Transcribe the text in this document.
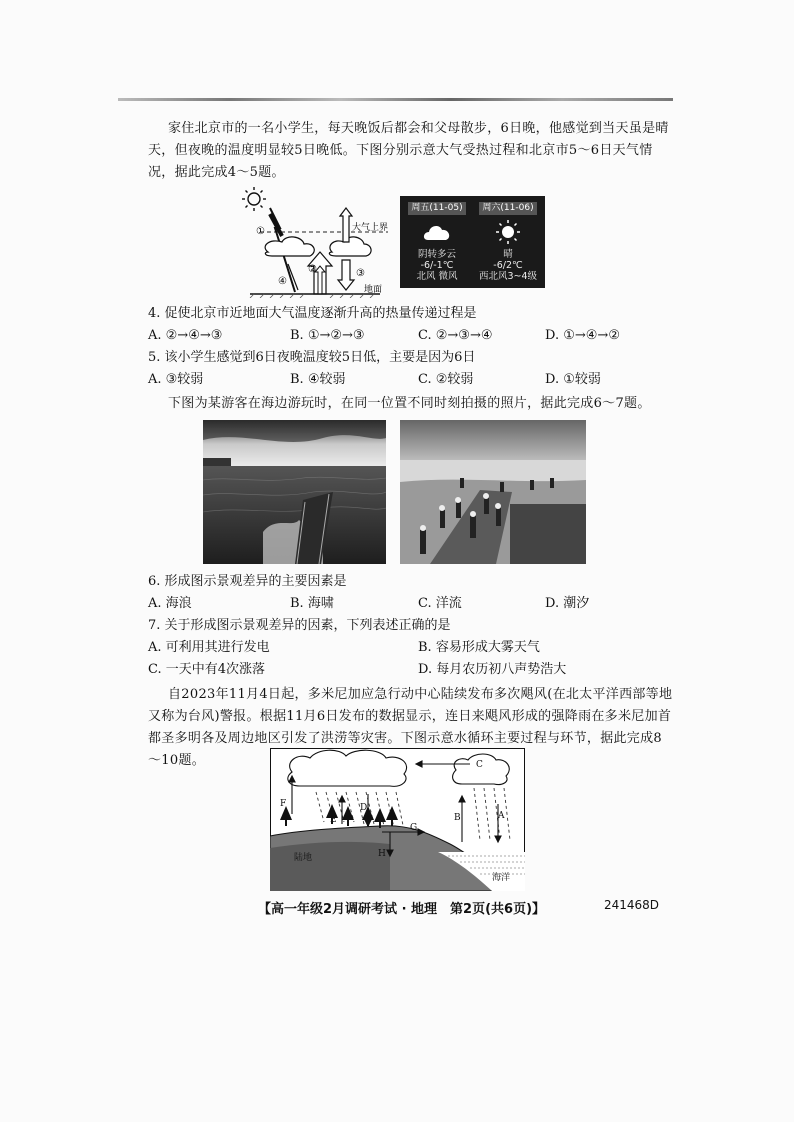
家住北京市的一名小学生，每天晚饭后都会和父母散步，6日晚，他感觉到当天虽是晴天，但夜晚的温度明显较5日晚低。下图分别示意大气受热过程和北京市5～6日天气情况，据此完成4～5题。
①
②	③
④
大气上界
地面
周五(11-05)
阴转多云
-6/-1℃
北风 微风
周六(11-06)
晴
-6/2℃
西北风3~4级
4. 促使北京市近地面大气温度逐渐升高的热量传递过程是
A. ②→④→③	B. ①→②→③	C. ②→③→④	D. ①→④→②
5. 该小学生感觉到6日夜晚温度较5日低，主要是因为6日
A. ③较弱	B. ④较弱	C. ②较弱	D. ①较弱
下图为某游客在海边游玩时，在同一位置不同时刻拍摄的照片，据此完成6～7题。
6. 形成图示景观差异的主要因素是
A. 海浪	B. 海啸	C. 洋流	D. 潮汐
7. 关于形成图示景观差异的因素，下列表述正确的是
A. 可利用其进行发电	B. 容易形成大雾天气
C. 一天中有4次涨落	D. 每月农历初八声势浩大
自2023年11月4日起，多米尼加应急行动中心陆续发布多次飓风(在北太平洋西部等地又称为台风)警报。根据11月6日发布的数据显示，连日来飓风形成的强降雨在多米尼加首都圣多明各及周边地区引发了洪涝等灾害。下图示意水循环主要过程与环节，据此完成8～10题。
A
B
C
D
E
F
G
H
陆地
海洋
【高一年级2月调研考试 · 地理　第2页(共6页)】	241468D
